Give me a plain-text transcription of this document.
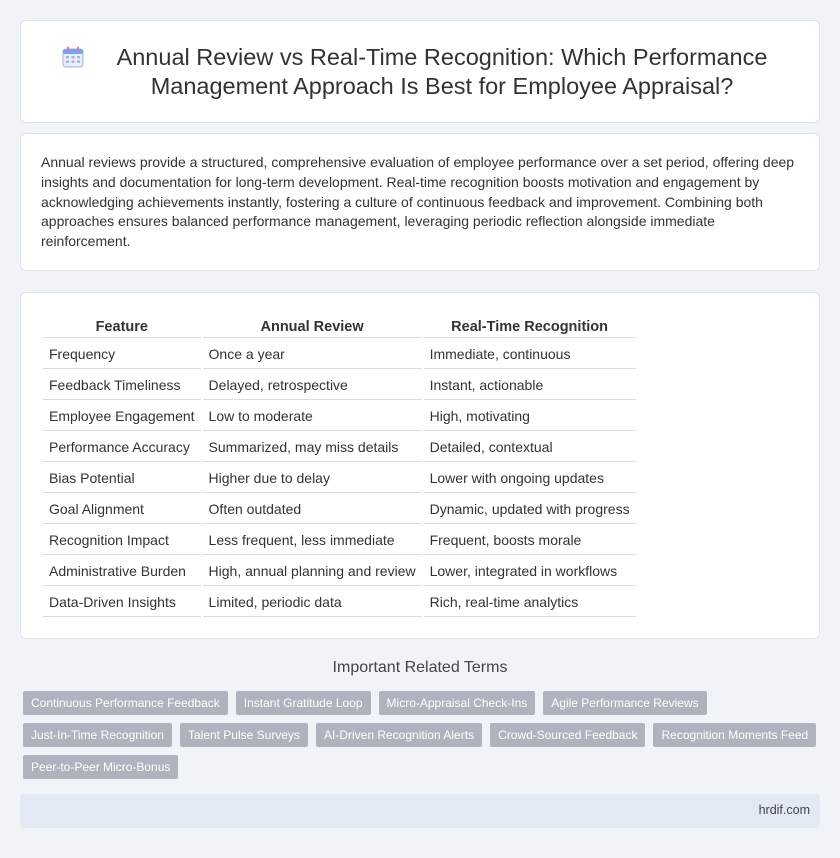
Annual Review vs Real-Time Recognition: Which Performance Management Approach Is Best for Employee Appraisal?

Annual reviews provide a structured, comprehensive evaluation of employee performance over a set period, offering deep insights and documentation for long-term development. Real-time recognition boosts motivation and engagement by acknowledging achievements instantly, fostering a culture of continuous feedback and improvement. Combining both approaches ensures balanced performance management, leveraging periodic reflection alongside immediate reinforcement.

Feature	Annual Review	Real-Time Recognition
Frequency	Once a year	Immediate, continuous
Feedback Timeliness	Delayed, retrospective	Instant, actionable
Employee Engagement	Low to moderate	High, motivating
Performance Accuracy	Summarized, may miss details	Detailed, contextual
Bias Potential	Higher due to delay	Lower with ongoing updates
Goal Alignment	Often outdated	Dynamic, updated with progress
Recognition Impact	Less frequent, less immediate	Frequent, boosts morale
Administrative Burden	High, annual planning and review	Lower, integrated in workflows
Data-Driven Insights	Limited, periodic data	Rich, real-time analytics
Important Related Terms
Continuous Performance Feedback	Instant Gratitude Loop	Micro-Appraisal Check-Ins	Agile Performance Reviews
Just-In-Time Recognition	Talent Pulse Surveys	AI-Driven Recognition Alerts	Crowd-Sourced Feedback	Recognition Moments Feed
Peer-to-Peer Micro-Bonus
hrdif.com
